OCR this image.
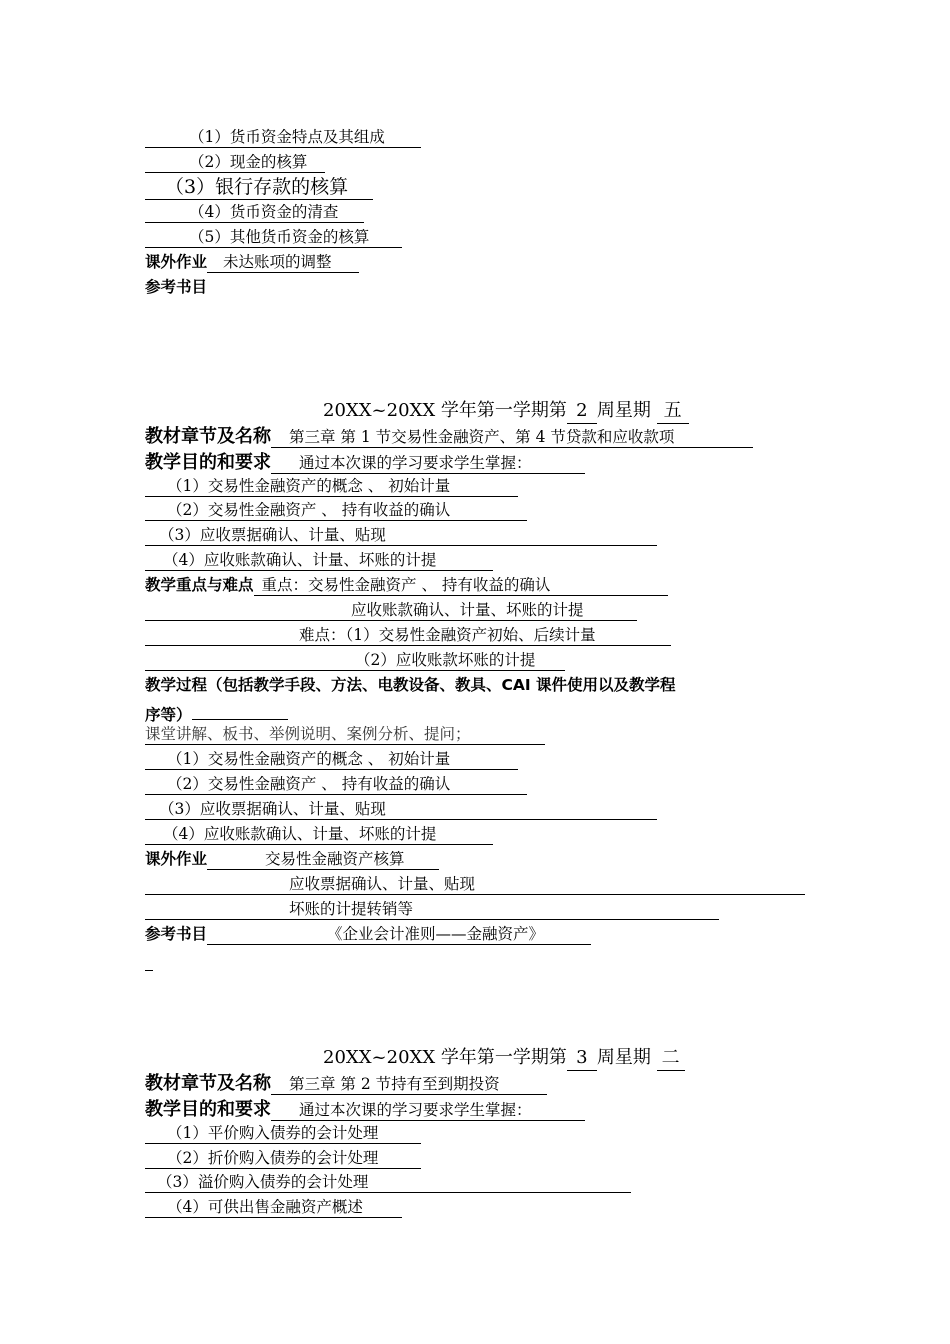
（1）货币资金特点及其组成
（2）现金的核算
（3）银行存款的核算
（4）货币资金的清查
（5）其他货币资金的核算
课外作业 未达账项的调整
参考书目
20XX~20XX 学年第一学期第 2 周星期 五
教材章节及名称 第三章 第 1 节交易性金融资产、第 4 节贷款和应收款项
教学目的和要求 通过本次课的学习要求学生掌握：
（1）交易性金融资产的概念 、 初始计量
（2）交易性金融资产 、 持有收益的确认
（3）应收票据确认、计量、贴现
（4）应收账款确认、计量、坏账的计提
教学重点与难点 重点：交易性金融资产 、 持有收益的确认
应收账款确认、计量、坏账的计提
难点：（1）交易性金融资产初始、后续计量
（2）应收账款坏账的计提
教学过程（包括教学手段、方法、电教设备、教具、CAI 课件使用以及教学程
序等）
课堂讲解、板书、举例说明、案例分析、提问；
（1）交易性金融资产的概念 、 初始计量
（2）交易性金融资产 、 持有收益的确认
（3）应收票据确认、计量、贴现
（4）应收账款确认、计量、坏账的计提
课外作业	交易性金融资产核算
应收票据确认、计量、贴现
坏账的计提转销等
参考书目	《企业会计准则——金融资产》
20XX~20XX 学年第一学期第 3 周星期 二
教材章节及名称 第三章 第 2 节持有至到期投资
教学目的和要求 通过本次课的学习要求学生掌握：
（1）平价购入债券的会计处理
（2）折价购入债券的会计处理
（3）溢价购入债券的会计处理
（4）可供出售金融资产概述
